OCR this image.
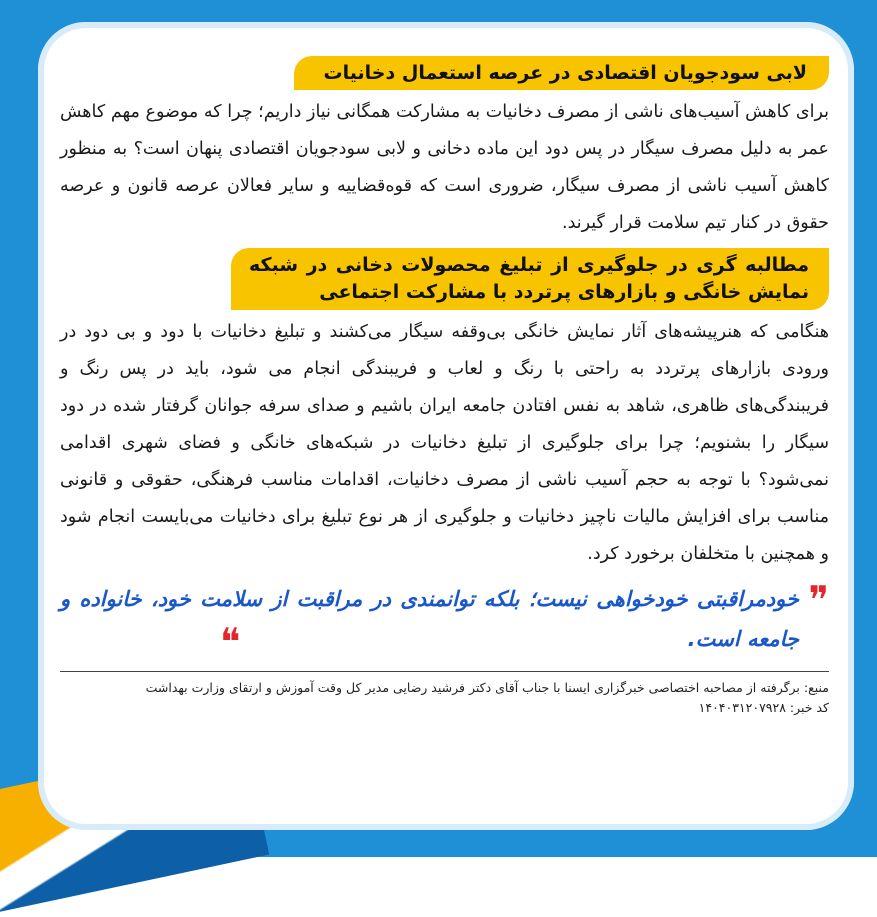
لابی سودجویان اقتصادی در عرصه استعمال دخانیات

برای کاهش آسیب‌های ناشی از مصرف دخانیات به مشارکت همگانی نیاز داریم؛ چرا که موضوع مهم کاهش عمر به دلیل مصرف سیگار در پس دود این ماده دخانی و لابی سودجویان اقتصادی پنهان است؟ به منظور کاهش آسیب ناشی از مصرف سیگار، ضروری است که قوه‌قضاییه و سایر فعالان عرصه قانون و عرصه حقوق در کنار تیم سلامت قرار گیرند.

مطالبه گری در جلوگیری از تبلیغ محصولات دخانی در شبکه نمایش خانگی و بازارهای پرتردد با مشارکت اجتماعی

هنگامی که هنرپیشه‌های آثار نمایش خانگی بی‌وقفه سیگار می‌کشند و تبلیغ دخانیات با دود و بی دود در ورودی بازارهای پرتردد به راحتی با رنگ و لعاب و فریبندگی انجام می شود، باید در پس رنگ و فریبندگی‌های ظاهری، شاهد به نفس افتادن جامعه ایران باشیم و صدای سرفه جوانان گرفتار شده در دود سیگار را بشنویم؛ چرا برای جلوگیری از تبلیغ دخانیات در شبکه‌های خانگی و فضای شهری اقدامی نمی‌شود؟ با توجه به حجم آسیب ناشی از مصرف دخانیات، اقدامات مناسب فرهنگی، حقوقی و قانونی مناسب برای افزایش مالیات ناچیز دخانیات و جلوگیری از هر نوع تبلیغ برای دخانیات می‌بایست انجام شود و همچنین با متخلفان برخورد کرد.

❞
خودمراقبتی خودخواهی نیست؛ بلکه توانمندی در مراقبت از سلامت خود، خانواده و جامعه است.
❝
منبع: برگرفته از مصاحبه اختصاصی خبرگزاری ایسنا با جناب آقای دکتر فرشید رضایی مدیر کل وقت آموزش و ارتقای وزارت بهداشت
کد خبر: ۱۴۰۴۰۳۱۲۰۷۹۲۸
